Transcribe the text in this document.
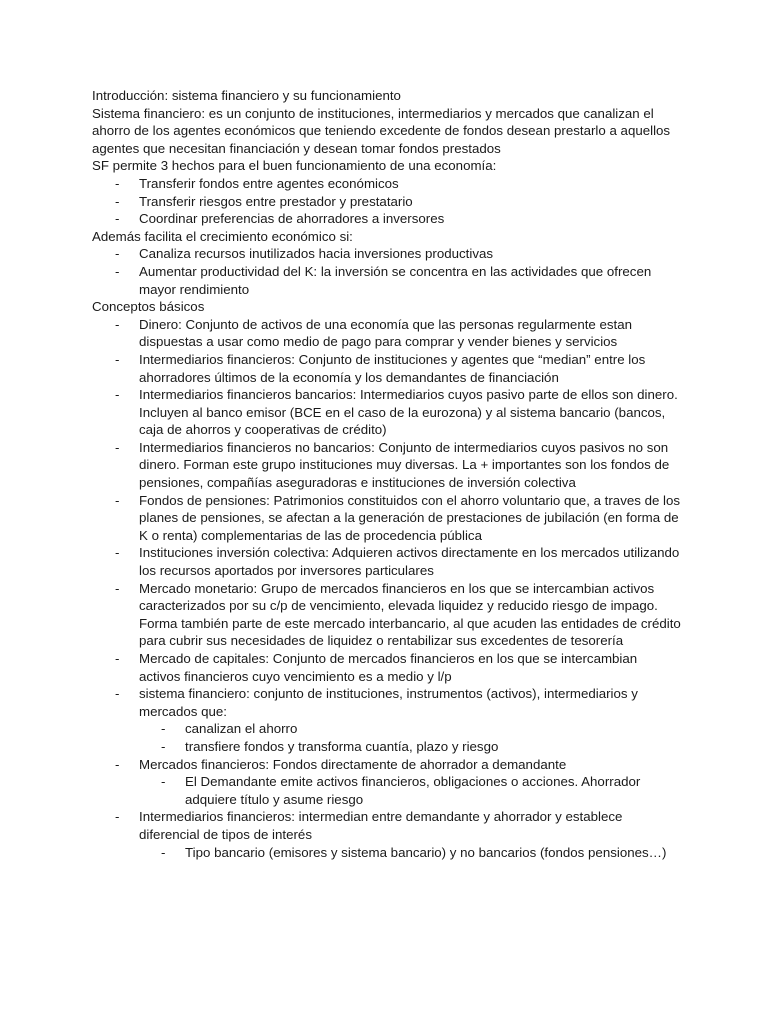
Introducción: sistema financiero y su funcionamiento

Sistema financiero: es un conjunto de instituciones, intermediarios y mercados que canalizan el ahorro de los agentes económicos que teniendo excedente de fondos desean prestarlo a aquellos agentes que necesitan financiación y desean tomar fondos prestados

SF permite 3 hechos para el buen funcionamiento de una economía:

- Transferir fondos entre agentes económicos
- Transferir riesgos entre prestador y prestatario
- Coordinar preferencias de ahorradores a inversores

Además facilita el crecimiento económico si:

- Canaliza recursos inutilizados hacia inversiones productivas
- Aumentar productividad del K: la inversión se concentra en las actividades que ofrecen mayor rendimiento

Conceptos básicos

- Dinero: Conjunto de activos de una economía que las personas regularmente estan dispuestas a usar como medio de pago para comprar y vender bienes y servicios
- Intermediarios financieros: Conjunto de instituciones y agentes que “median” entre los ahorradores últimos de la economía y los demandantes de financiación
- Intermediarios financieros bancarios: Intermediarios cuyos pasivo parte de ellos son dinero. Incluyen al banco emisor (BCE en el caso de la eurozona) y al sistema bancario (bancos, caja de ahorros y cooperativas de crédito)
- Intermediarios financieros no bancarios: Conjunto de intermediarios cuyos pasivos no son dinero. Forman este grupo instituciones muy diversas. La + importantes son los fondos de pensiones, compañías aseguradoras e instituciones de inversión colectiva
- Fondos de pensiones: Patrimonios constituidos con el ahorro voluntario que, a traves de los planes de pensiones, se afectan a la generación de prestaciones de jubilación (en forma de K o renta) complementarias de las de procedencia pública
- Instituciones inversión colectiva: Adquieren activos directamente en los mercados utilizando los recursos aportados por inversores particulares
- Mercado monetario: Grupo de mercados financieros en los que se intercambian activos caracterizados por su c/p de vencimiento, elevada liquidez y reducido riesgo de impago. Forma también parte de este mercado interbancario, al que acuden las entidades de crédito para cubrir sus necesidades de liquidez o rentabilizar sus excedentes de tesorería
- Mercado de capitales: Conjunto de mercados financieros en los que se intercambian activos financieros cuyo vencimiento es a medio y l/p
- sistema financiero: conjunto de instituciones, instrumentos (activos), intermediarios y mercados que:
- canalizan el ahorro
- transfiere fondos y transforma cuantía, plazo y riesgo
- Mercados financieros: Fondos directamente de ahorrador a demandante
- El Demandante emite activos financieros, obligaciones o acciones. Ahorrador adquiere título y asume riesgo
- Intermediarios financieros: intermedian entre demandante y ahorrador y establece diferencial de tipos de interés
- Tipo bancario (emisores y sistema bancario) y no bancarios (fondos pensiones…)
